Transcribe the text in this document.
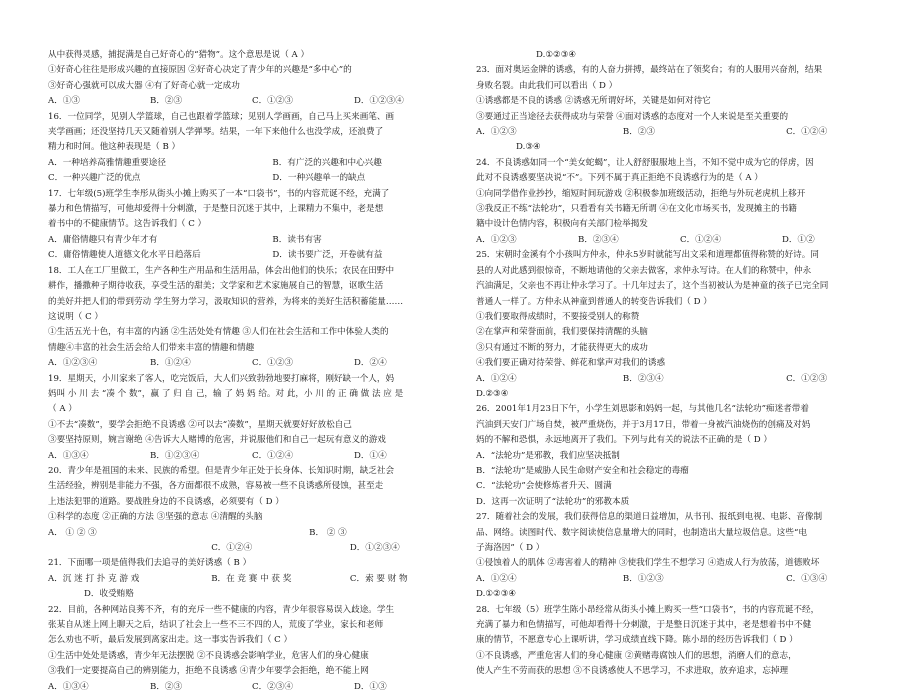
从中获得灵感，捕捉满是自己好奇心的“猎物”。这个意思是说（ A ）
①好奇心往往是形成兴趣的直接原因 ②好奇心决定了青少年的兴趣是“多中心”的
③好奇心强就可以成大器 ④有了好奇心就一定成功
A．①③	B．②③	C．①②③	D．①②③④
16．一位同学，见别人学篮球，自己也跟着学篮球；见别人学画画，自己马上买来画笔、画
夹学画画；还没坚持几天又随着别人学弹琴。结果，一年下来他什么也没学成，还浪费了
精力和时间。他这种表现是（ B ）
A．一种培养高雅情趣重要途径	B．有广泛的兴趣和中心兴趣
C．一种兴趣广泛的优点	D．一种兴趣单一的缺点
17．七年级(5)班学生李彤从街头小摊上购买了一本“口袋书”，书的内容荒诞不经，充满了
暴力和色情描写，可他却爱得十分刺激，于是整日沉迷于其中，上课精力不集中，老是想
着书中的不健康情节。这告诉我们（ C ）
A．庸俗情趣只有青少年才有	B．读书有害
C．庸俗情趣使人道德文化水平日趋落后	D．读书要广泛，开卷就有益
18．工人在工厂里做工，生产各种生产用品和生活用品，体会出他们的快乐；农民在田野中
耕作，播撒种子期待收获，享受生活的甜美；文学家和艺术家施展自己的智慧，讴歌生活
的美好并把人们的带到劳动 学生努力学习，汲取知识的营养，为将来的美好生活积蓄能量……
这说明（ C ）
①生活五光十色，有丰富的内涵 ②生活处处有情趣 ③人们在社会生活和工作中体验人类的
情趣④丰富的社会生活会给人们带来丰富的情趣和情趣
A．①②③④	B．①②④	C．①②③	D．②④
19．星期天，小川家来了客人，吃完饭后，大人们兴致勃勃地要打麻将，刚好缺一个人，妈
妈叫 小 川 去 “凑 个 数”，赢 了 归 自 己，输 了 妈 妈 给。对 此，小 川 的 正 确 做 法 应 是
（ A ）
①不去“凑数”，要学会拒绝不良诱惑 ②可以去“凑数”，星期天就要好好放松自己
③要坚持原则，婉言谢绝 ④告诉大人赌博的危害，并说服他们和自己一起玩有意义的游戏
A．①③④	B．①②③④	C．①②④	D．①④
20．青少年是祖国的未来、民族的希望。但是青少年正处于长身体、长知识时期，缺乏社会
生活经验，辨别是非能力不强，各方面都很不成熟，容易被一些不良诱惑所侵蚀，甚至走
上违法犯罪的道路。要战胜身边的不良诱惑，必须要有（ D ）
①科学的态度 ②正确的方法 ③坚强的意志 ④清醒的头脑
A． ① ② ③	B． ② ③
C．①②④	D．①②③④
21．下面哪一项是值得我们去追寻的美好诱惑（ B ）
A．沉 迷 打 扑 克 游 戏	B．在 竞 赛 中 获 奖	C．索 要 财 物
D．收受贿赂
22．目前，各种网站良莠不齐，有的充斥一些不健康的内容，青少年很容易误入歧途。学生
张某自从迷上网上聊天之后，结识了社会上一些不三不四的人，荒废了学业，家长和老师
怎么劝也不听，最后发展到离家出走。这一事实告诉我们（ C ）
①生活中处处是诱惑，青少年无法摆脱 ②不良诱惑会影响学业，危害人们的身心健康
③我们一定要提高自己的辨别能力，拒绝不良诱惑 ④青少年要学会拒绝，绝不能上网
A．①③④	B．②③	C．②③④	D．①③
D.①②③④
23．面对奥运金牌的诱惑，有的人奋力拼搏，最终站在了领奖台；有的人服用兴奋剂，结果
身败名裂。由此我们可以看出（ D ）
①诱惑都是不良的诱惑 ②诱惑无所谓好坏，关键是如何对待它
③要通过正当途径去获得成功与荣誉 ④面对诱惑的态度对一个人来说是至关重要的
A．①②③	B．②③	C．①②④
D.③④
24．不良诱惑如同一个“美女蛇蝎”，让人舒舒服服地上当，不知不觉中成为它的俘虏，因
此对不良诱惑要坚决说“不”。下列不属于真正拒绝不良诱惑行为的是（ A ）
①向同学借作业抄抄，缩短时间玩游戏 ②积极参加班级活动，拒绝与外玩老虎机上移开
③我反正不练“法轮功”，只看看有关书籍无所谓 ④在文化市场买书，发现摊主的书籍
籍中设计色情内容，积极向有关部门检举揭发
A．①②③	B．②③④	C．①②④	D．①②
25．宋朝时金溪有个小孩叫方仲永，仲永5岁时就能写出文采和道理都值得称赞的好诗。同
县的人对此感到很惊奇，不断地请他的父亲去做客，求仲永写诗。在人们的称赞中，仲永
汽油满足，父亲也不再让仲永学习了。十几年过去了，这个当初被认为是神童的孩子已完全同
普通人一样了。方仲永从神童到普通人的转变告诉我们（ D ）
①我们要取得成绩时，不要接受别人的称赞
②在掌声和荣誉面前，我们要保持清醒的头脑
③只有通过不断的努力，才能获得更大的成功
④我们要正确对待荣誉、鲜花和掌声对我们的诱惑
A．①②④	B．②③④	C．①②③
D.②③④
26．2001年1月23日下午，小学生刘思影和妈妈一起，与其他几名“法轮功”痴迷者带着
汽油到天安门广场自焚，被严重烧伤，并于3月17日，带着一身被汽油烧伤的创痛及对妈
妈的不解和恐惧，永远地离开了我们。下列与此有关的说法不正确的是（ D ）
A．“法轮功”是邪教，我们应坚决抵制
B．“法轮功”是威胁人民生命财产安全和社会稳定的毒瘤
C．“法轮功”会使修炼者升天、圆满
D．这再一次证明了“法轮功”的邪教本质
27．随着社会的发展，我们获得信息的渠道日益增加，从书刊、报纸到电视、电影、音像制
品、网络。读图时代、数字阅读使信息量增大的同时，也制造出大量垃圾信息。这些“电
子海洛因”（ D ）
①侵蚀着人的肌体 ②毒害着人的精神 ③使我们学生不想学习 ④造成人行为放荡，道德败坏
A．①②④	B．①②③	C．①③④
D.①②③④
28．七年级（5）班学生陈小昂经常从街头小摊上购买一些“口袋书”，书的内容荒诞不经，
充满了暴力和色情描写，可他却看得十分刺激，于是整日沉迷于其中，老是想着书中不健
康的情节，不愿意专心上课听讲，学习成绩直线下降。陈小昂的经历告诉我们（ D ）
①不良诱惑，严重危害人们的身心健康 ②黄赌毒腐蚀人们的思想，消磨人们的意志，
使人产生不劳而获的思想 ③不良诱惑使人不思学习，不求进取，放弃追求，忘掉理
